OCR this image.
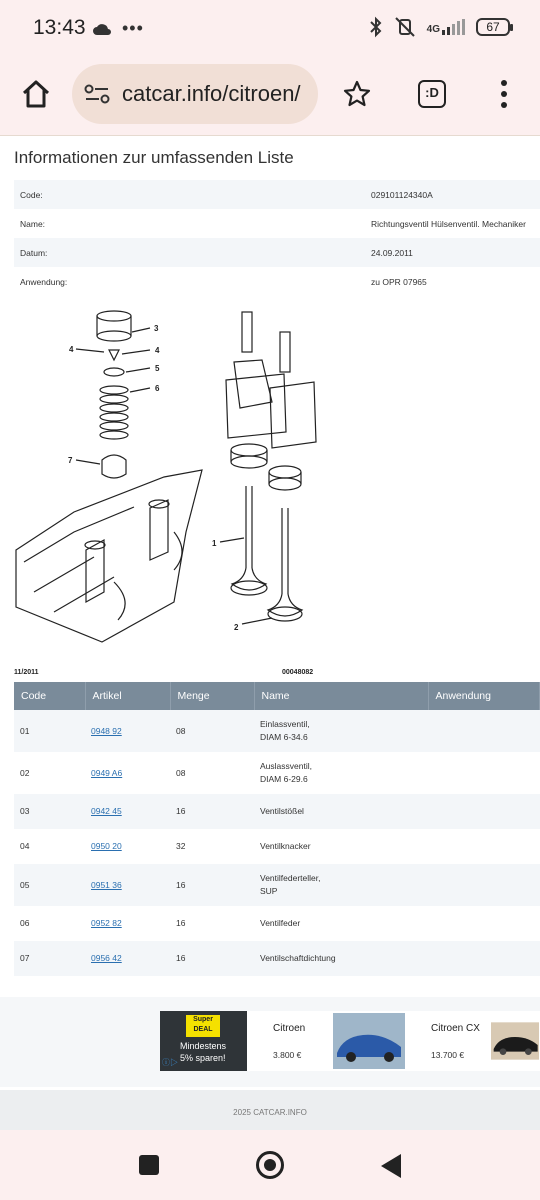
13:43 •••	4G	67
catcar.info/citroen/	:D
Informationen zur umfassenden Liste
Code:	029101124340A
Name:	Richtungsventil Hülsenventil. Mechaniker
Datum:	24.09.2011
Anwendung:	zu OPR 07965
3
4	4
5
6
7
1
2
11/2011	00048082
Code	Artikel	Menge	Name	Anwendung
01	0948 92	08	Einlassventil,
DIAM 6-34.6	
02	0949 A6	08	Auslassventil,
DIAM 6-29.6	
03	0942 45	16	Ventilstößel	
04	0950 20	32	Ventilknacker	
05	0951 36	16	Ventilfederteller,
SUP	
06	0952 82	16	Ventilfeder	
07	0956 42	16	Ventilschaftdichtung	
Super
DEAL
Mindestens
5% sparen!
Citroen
3.800 €
Citroen CX
13.700 €
ⓘ▷
2025 CATCAR.INFO
